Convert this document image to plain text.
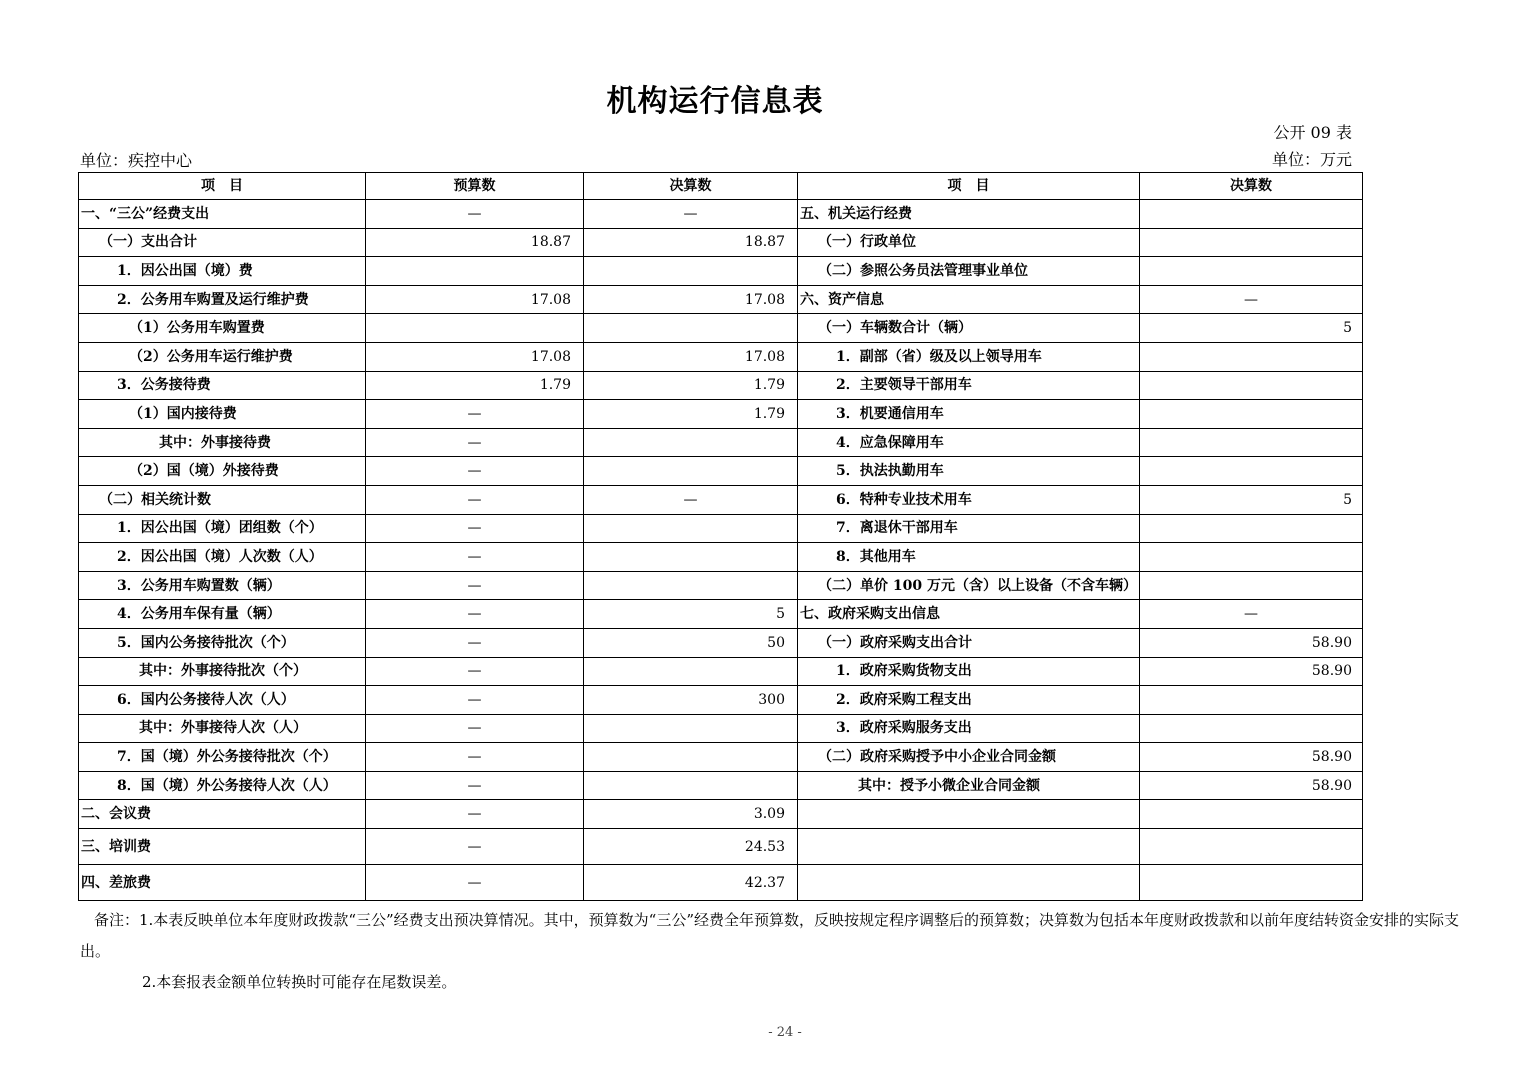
机构运行信息表
公开 09 表
单位：疾控中心	单位：万元
项　目	预算数	决算数	项　目	决算数
一、“三公”经费支出	—	—	五、机关运行经费	
（一）支出合计	18.87	18.87	（一）行政单位	
1．因公出国（境）费			（二）参照公务员法管理事业单位	
2．公务用车购置及运行维护费	17.08	17.08	六、资产信息	—
（1）公务用车购置费			（一）车辆数合计（辆）	5
（2）公务用车运行维护费	17.08	17.08	1．副部（省）级及以上领导用车	
3．公务接待费	1.79	1.79	2．主要领导干部用车	
（1）国内接待费	—	1.79	3．机要通信用车	
其中：外事接待费	—		4．应急保障用车	
（2）国（境）外接待费	—		5．执法执勤用车	
（二）相关统计数	—	—	6．特种专业技术用车	5
1．因公出国（境）团组数（个）	—		7．离退休干部用车	
2．因公出国（境）人次数（人）	—		8．其他用车	
3．公务用车购置数（辆）	—		（二）单价 100 万元（含）以上设备（不含车辆）	
4．公务用车保有量（辆）	—	5	七、政府采购支出信息	—
5．国内公务接待批次（个）	—	50	（一）政府采购支出合计	58.90
其中：外事接待批次（个）	—		1．政府采购货物支出	58.90
6．国内公务接待人次（人）	—	300	2．政府采购工程支出	
其中：外事接待人次（人）	—		3．政府采购服务支出	
7．国（境）外公务接待批次（个）	—		（二）政府采购授予中小企业合同金额	58.90
8．国（境）外公务接待人次（人）	—		其中：授予小微企业合同金额	58.90
二、会议费	—	3.09		
三、培训费	—	24.53		
四、差旅费	—	42.37		
备注：1.本表反映单位本年度财政拨款“三公”经费支出预决算情况。其中，预算数为“三公”经费全年预算数，反映按规定程序调整后的预算数；决算数为包括本年度财政拨款和以前年度结转资金安排的实际支出。
2.本套报表金额单位转换时可能存在尾数误差。
- 24 -
